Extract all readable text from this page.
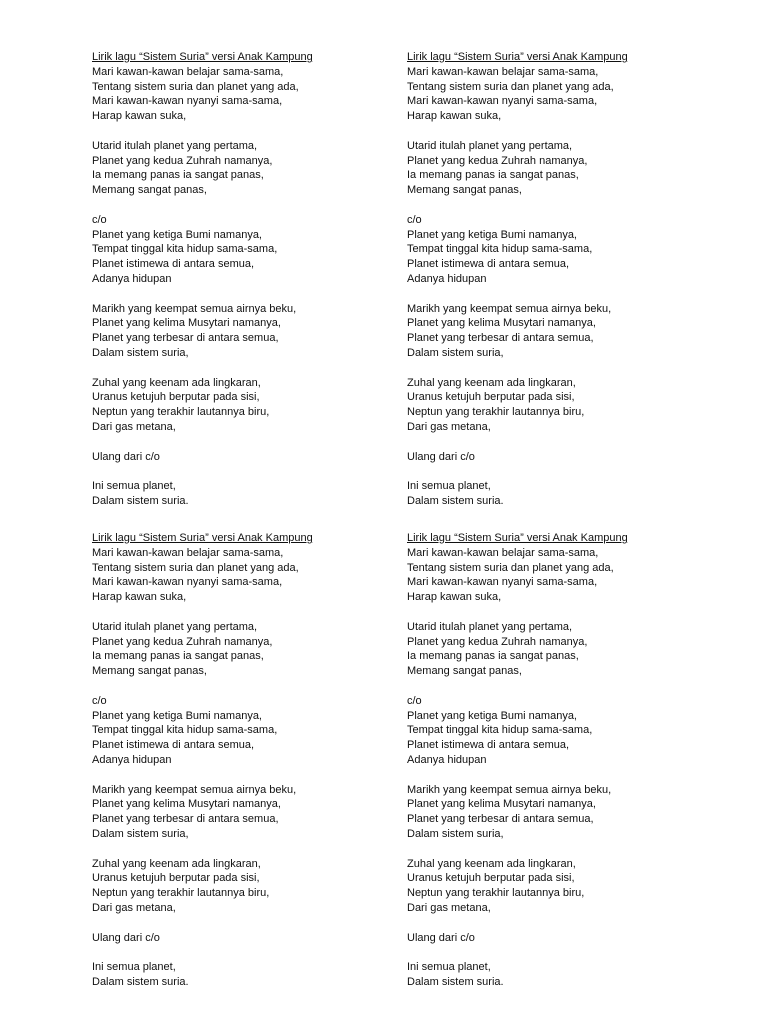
Lirik lagu “Sistem Suria” versi Anak Kampung
Mari kawan-kawan belajar sama-sama,
Tentang sistem suria dan planet yang ada,
Mari kawan-kawan nyanyi sama-sama,
Harap kawan suka,
Utarid itulah planet yang pertama,
Planet yang kedua Zuhrah namanya,
Ia memang panas ia sangat panas,
Memang sangat panas,
c/o
Planet yang ketiga Bumi namanya,
Tempat tinggal kita hidup sama-sama,
Planet istimewa di antara semua,
Adanya hidupan
Marikh yang keempat semua airnya beku,
Planet yang kelima Musytari namanya,
Planet yang terbesar di antara semua,
Dalam sistem suria,
Zuhal yang keenam ada lingkaran,
Uranus ketujuh berputar pada sisi,
Neptun yang terakhir lautannya biru,
Dari gas metana,
Ulang dari c/o
Ini semua planet,
Dalam sistem suria.
Lirik lagu “Sistem Suria” versi Anak Kampung
Mari kawan-kawan belajar sama-sama,
Tentang sistem suria dan planet yang ada,
Mari kawan-kawan nyanyi sama-sama,
Harap kawan suka,
Utarid itulah planet yang pertama,
Planet yang kedua Zuhrah namanya,
Ia memang panas ia sangat panas,
Memang sangat panas,
c/o
Planet yang ketiga Bumi namanya,
Tempat tinggal kita hidup sama-sama,
Planet istimewa di antara semua,
Adanya hidupan
Marikh yang keempat semua airnya beku,
Planet yang kelima Musytari namanya,
Planet yang terbesar di antara semua,
Dalam sistem suria,
Zuhal yang keenam ada lingkaran,
Uranus ketujuh berputar pada sisi,
Neptun yang terakhir lautannya biru,
Dari gas metana,
Ulang dari c/o
Ini semua planet,
Dalam sistem suria.
Lirik lagu “Sistem Suria” versi Anak Kampung
Mari kawan-kawan belajar sama-sama,
Tentang sistem suria dan planet yang ada,
Mari kawan-kawan nyanyi sama-sama,
Harap kawan suka,
Utarid itulah planet yang pertama,
Planet yang kedua Zuhrah namanya,
Ia memang panas ia sangat panas,
Memang sangat panas,
c/o
Planet yang ketiga Bumi namanya,
Tempat tinggal kita hidup sama-sama,
Planet istimewa di antara semua,
Adanya hidupan
Marikh yang keempat semua airnya beku,
Planet yang kelima Musytari namanya,
Planet yang terbesar di antara semua,
Dalam sistem suria,
Zuhal yang keenam ada lingkaran,
Uranus ketujuh berputar pada sisi,
Neptun yang terakhir lautannya biru,
Dari gas metana,
Ulang dari c/o
Ini semua planet,
Dalam sistem suria.
Lirik lagu “Sistem Suria” versi Anak Kampung
Mari kawan-kawan belajar sama-sama,
Tentang sistem suria dan planet yang ada,
Mari kawan-kawan nyanyi sama-sama,
Harap kawan suka,
Utarid itulah planet yang pertama,
Planet yang kedua Zuhrah namanya,
Ia memang panas ia sangat panas,
Memang sangat panas,
c/o
Planet yang ketiga Bumi namanya,
Tempat tinggal kita hidup sama-sama,
Planet istimewa di antara semua,
Adanya hidupan
Marikh yang keempat semua airnya beku,
Planet yang kelima Musytari namanya,
Planet yang terbesar di antara semua,
Dalam sistem suria,
Zuhal yang keenam ada lingkaran,
Uranus ketujuh berputar pada sisi,
Neptun yang terakhir lautannya biru,
Dari gas metana,
Ulang dari c/o
Ini semua planet,
Dalam sistem suria.
